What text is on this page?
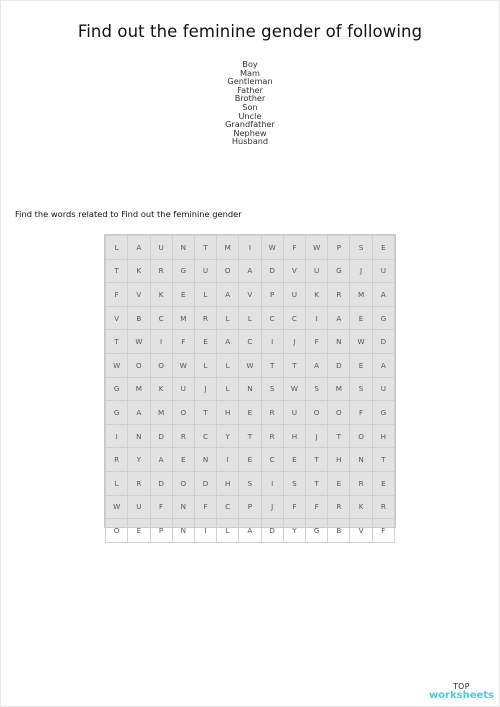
Find out the feminine gender of following
Boy
Mam
Gentleman
Father
Brother
Son
Uncle
Grandfather
Nephew
Husband
Find the words related to Find out the feminine gender
L	A	U	N	T	M	I	W	F	W	P	S	E
T	K	R	G	U	O	A	D	V	U	G	J	U
F	V	K	E	L	A	V	P	U	K	R	M	A
V	B	C	M	R	L	L	C	C	I	A	E	G
T	W	I	F	E	A	C	I	J	F	N	W	D
W	O	O	W	L	L	W	T	T	A	D	E	A
G	M	K	U	J	L	N	S	W	S	M	S	U
G	A	M	O	T	H	E	R	U	O	O	F	G
I	N	D	R	C	Y	T	R	H	J	T	O	H
R	Y	A	E	N	I	E	C	E	T	H	N	T
L	R	D	O	D	H	S	I	S	T	E	R	E
W	U	F	N	F	C	P	J	F	F	R	K	R
O	E	P	N	I	L	A	D	Y	G	B	V	F
TOP
worksheets
